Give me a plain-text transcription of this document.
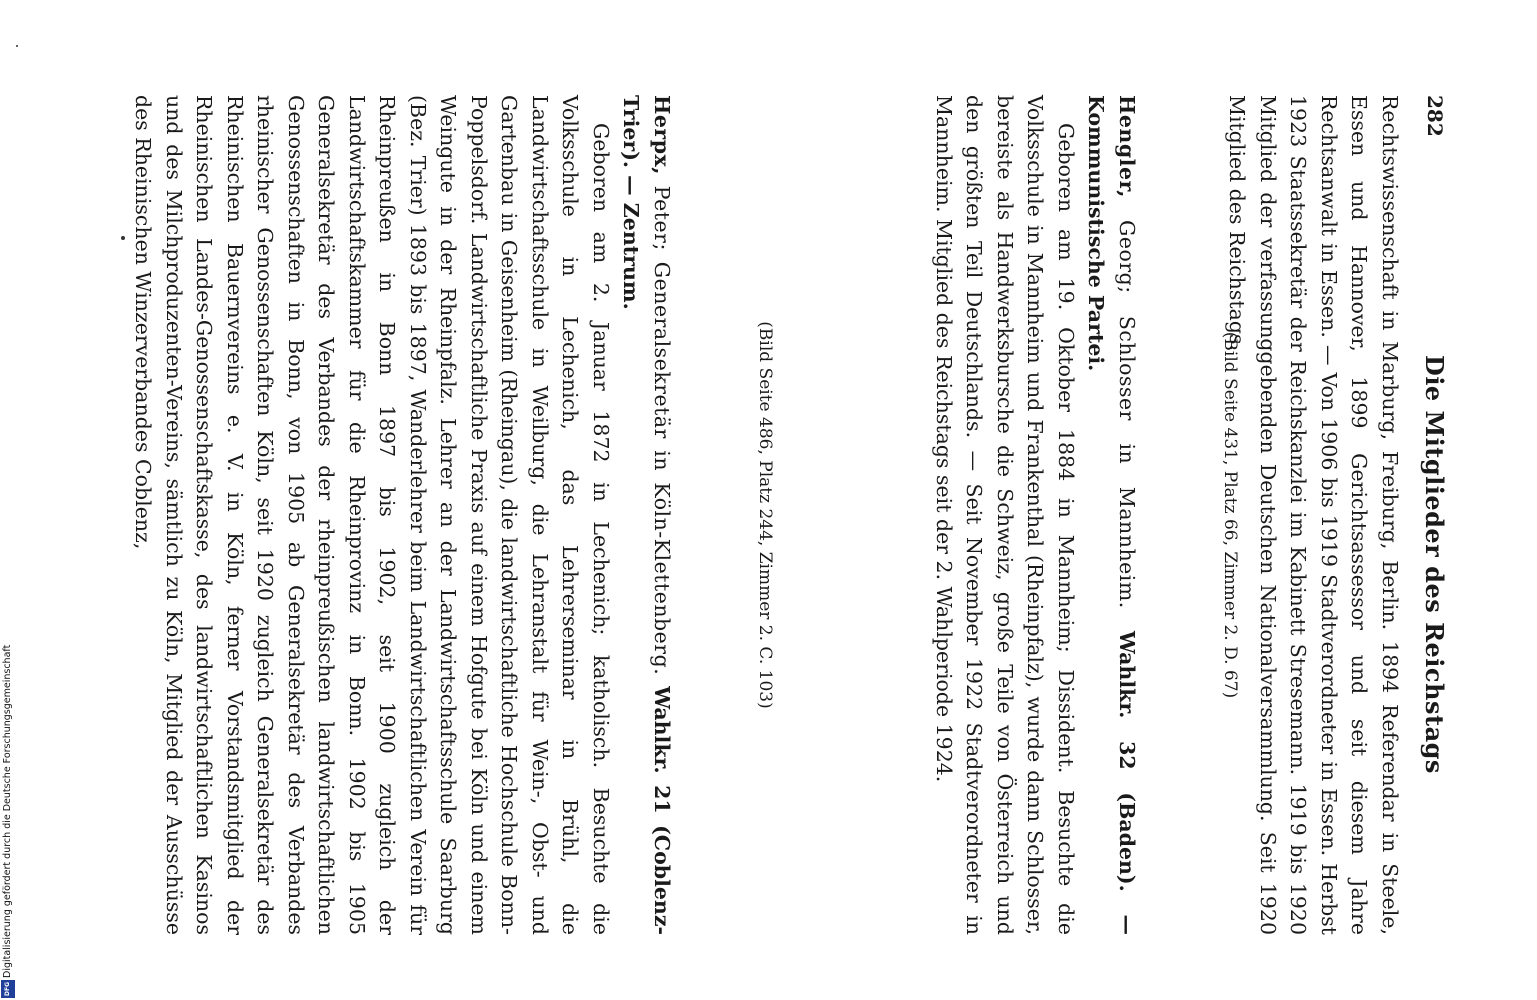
282
Die Mitglieder des Reichstags

Rechtswissenschaft in Marburg, Freiburg, Berlin. 1894 Referendar in Steele, Essen und Hannover, 1899 Gerichtsassessor und seit diesem Jahre Rechtsanwalt in Essen. — Von 1906 bis 1919 Stadtverordneter in Essen. Herbst 1923 Staatssekretär der Reichskanzlei im Kabinett Stresemann. 1919 bis 1920 Mitglied der verfassunggebenden Deutschen Nationalversammlung. Seit 1920 Mitglied des Reichstags.

(Bild Seite 431, Platz 66, Zimmer 2. D. 67)

Hengler, Georg; Schlosser in Mannheim. Wahlkr. 32 (Baden). — Kommunistische Partei.

Geboren am 19. Oktober 1884 in Mannheim; Dissident. Besuchte die Volksschule in Mannheim und Frankenthal (Rheinpfalz), wurde dann Schlosser, bereiste als Handwerksbursche die Schweiz, große Teile von Österreich und den größten Teil Deutschlands. — Seit November 1922 Stadtverordneter in Mannheim. Mitglied des Reichstags seit der 2. Wahlperiode 1924.

(Bild Seite 486, Platz 244, Zimmer 2. C. 103)

Herpx, Peter; Generalsekretär in Köln-Klettenberg. Wahlkr. 21 (Coblenz-Trier). — Zentrum.

Geboren am 2. Januar 1872 in Lechenich; katholisch. Besuchte die Volksschule in Lechenich, das Lehrerseminar in Brühl, die Landwirtschaftsschule in Weilburg, die Lehranstalt für Wein-, Obst- und Gartenbau in Geisenheim (Rheingau), die landwirtschaftliche Hochschule Bonn-Poppelsdorf. Landwirtschaftliche Praxis auf einem Hofgute bei Köln und einem Weingute in der Rheinpfalz. Lehrer an der Landwirtschaftsschule Saarburg (Bez. Trier) 1893 bis 1897, Wanderlehrer beim Landwirtschaftlichen Verein für Rheinpreußen in Bonn 1897 bis 1902, seit 1900 zugleich der Landwirtschaftskammer für die Rheinprovinz in Bonn. 1902 bis 1905 Generalsekretär des Verbandes der rheinpreußischen landwirtschaftlichen Genossenschaften in Bonn, von 1905 ab Generalsekretär des Verbandes rheinischer Genossenschaften Köln, seit 1920 zugleich Generalsekretär des Rheinischen Bauernvereins e. V. in Köln, ferner Vorstandsmitglied der Rheinischen Landes-Genossenschaftskasse, des landwirtschaftlichen Kasinos und des Milchproduzenten-Vereins, sämtlich zu Köln, Mitglied der Ausschüsse des Rheinischen Winzerverbandes Coblenz,

Digitalisierung gefördert durch die Deutsche Forschungsgemeinschaft
DFG
